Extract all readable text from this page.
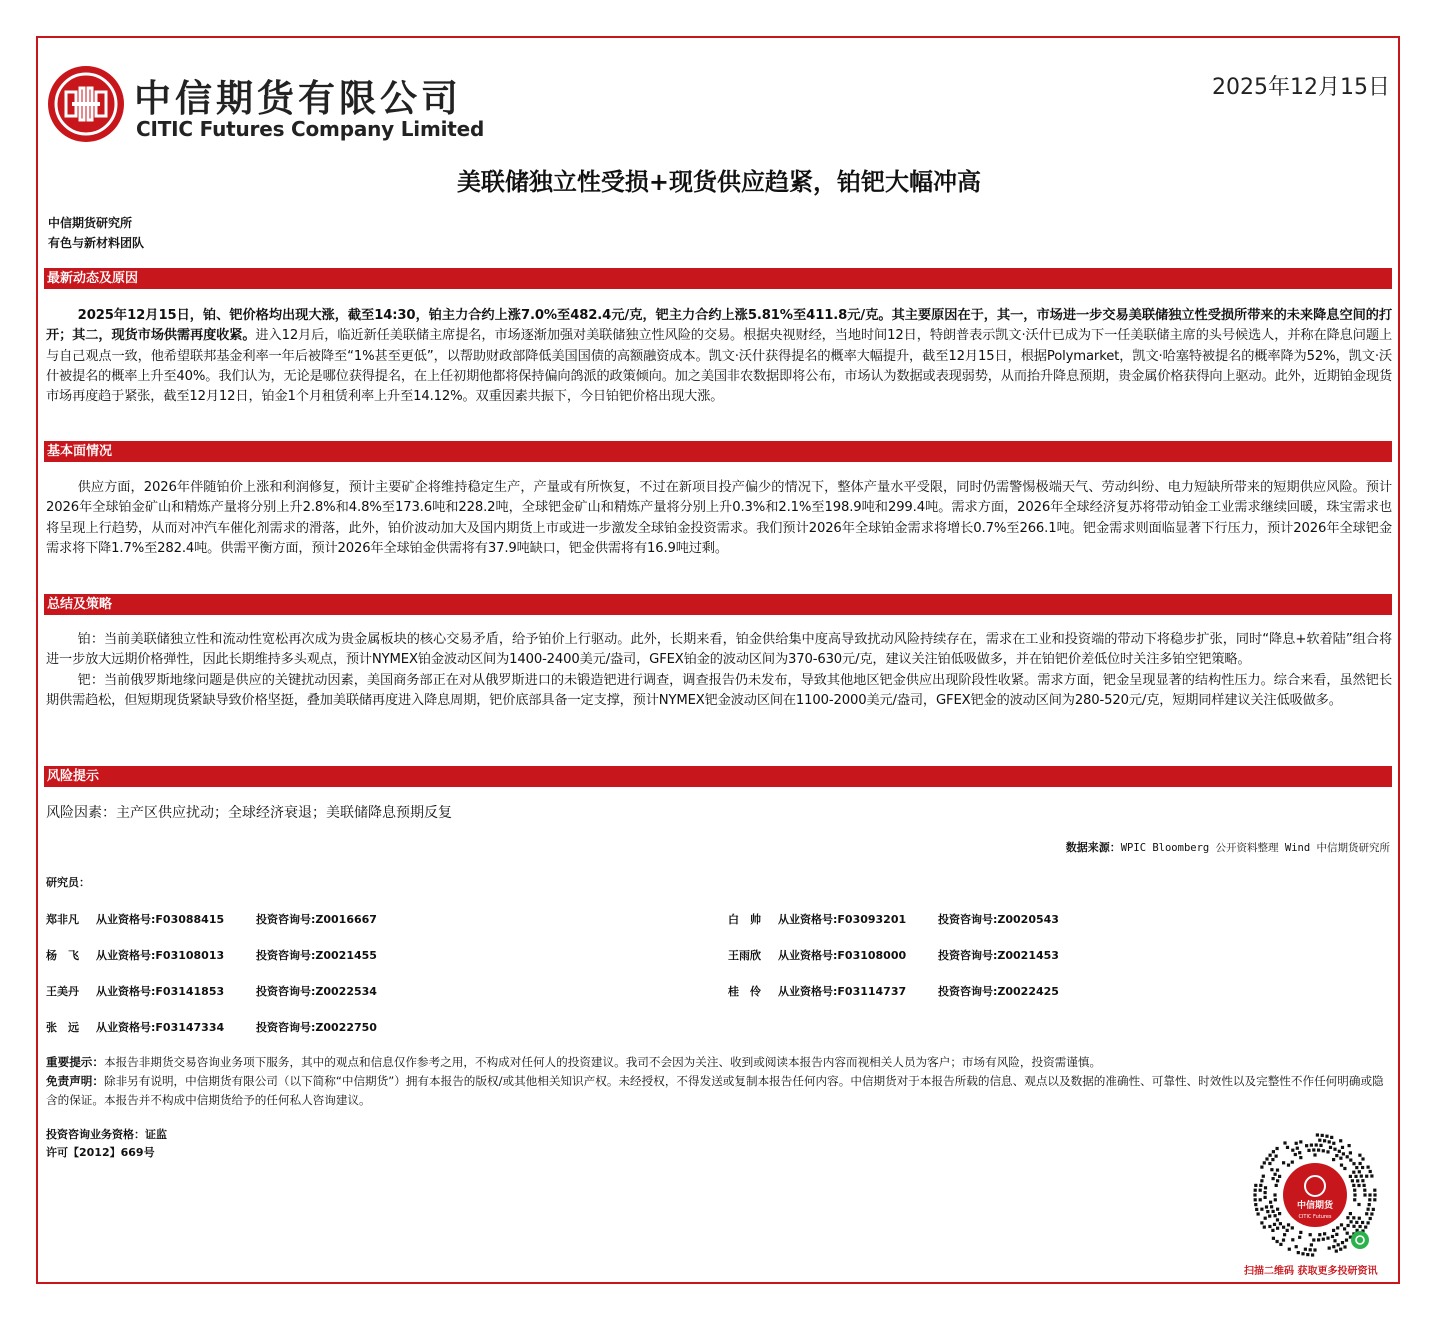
中信期货有限公司
CITIC Futures Company Limited
2025年12月15日
美联储独立性受损+现货供应趋紧，铂钯大幅冲高
中信期货研究所
有色与新材料团队
最新动态及原因

2025年12月15日，铂、钯价格均出现大涨，截至14:30，铂主力合约上涨7.0%至482.4元/克，钯主力合约上涨5.81%至411.8元/克。其主要原因在于，其一，市场进一步交易美联储独立性受损所带来的未来降息空间的打开；其二，现货市场供需再度收紧。进入12月后，临近新任美联储主席提名，市场逐渐加强对美联储独立性风险的交易。根据央视财经，当地时间12日，特朗普表示凯文·沃什已成为下一任美联储主席的头号候选人，并称在降息问题上与自己观点一致，他希望联邦基金利率一年后被降至“1%甚至更低”，以帮助财政部降低美国国债的高额融资成本。凯文·沃什获得提名的概率大幅提升，截至12月15日，根据Polymarket，凯文·哈塞特被提名的概率降为52%，凯文·沃什被提名的概率上升至40%。我们认为，无论是哪位获得提名，在上任初期他都将保持偏向鸽派的政策倾向。加之美国非农数据即将公布，市场认为数据或表现弱势，从而抬升降息预期，贵金属价格获得向上驱动。此外，近期铂金现货市场再度趋于紧张，截至12月12日，铂金1个月租赁利率上升至14.12%。双重因素共振下，今日铂钯价格出现大涨。

基本面情况

供应方面，2026年伴随铂价上涨和利润修复，预计主要矿企将维持稳定生产，产量或有所恢复，不过在新项目投产偏少的情况下，整体产量水平受限，同时仍需警惕极端天气、劳动纠纷、电力短缺所带来的短期供应风险。预计2026年全球铂金矿山和精炼产量将分别上升2.8%和4.8%至173.6吨和228.2吨，全球钯金矿山和精炼产量将分别上升0.3%和2.1%至198.9吨和299.4吨。需求方面，2026年全球经济复苏将带动铂金工业需求继续回暖，珠宝需求也将呈现上行趋势，从而对冲汽车催化剂需求的滑落，此外，铂价波动加大及国内期货上市或进一步激发全球铂金投资需求。我们预计2026年全球铂金需求将增长0.7%至266.1吨。钯金需求则面临显著下行压力，预计2026年全球钯金需求将下降1.7%至282.4吨。供需平衡方面，预计2026年全球铂金供需将有37.9吨缺口，钯金供需将有16.9吨过剩。

总结及策略

铂：当前美联储独立性和流动性宽松再次成为贵金属板块的核心交易矛盾，给予铂价上行驱动。此外，长期来看，铂金供给集中度高导致扰动风险持续存在，需求在工业和投资端的带动下将稳步扩张，同时“降息+软着陆”组合将进一步放大远期价格弹性，因此长期维持多头观点，预计NYMEX铂金波动区间为1400-2400美元/盎司，GFEX铂金的波动区间为370-630元/克，建议关注铂低吸做多，并在铂钯价差低位时关注多铂空钯策略。

钯：当前俄罗斯地缘问题是供应的关键扰动因素，美国商务部正在对从俄罗斯进口的未锻造钯进行调查，调查报告仍未发布，导致其他地区钯金供应出现阶段性收紧。需求方面，钯金呈现显著的结构性压力。综合来看，虽然钯长期供需趋松，但短期现货紧缺导致价格坚挺，叠加美联储再度进入降息周期，钯价底部具备一定支撑，预计NYMEX钯金波动区间在1100-2000美元/盎司，GFEX钯金的波动区间为280-520元/克，短期同样建议关注低吸做多。

风险提示
风险因素：主产区供应扰动；全球经济衰退；美联储降息预期反复
数据来源：WPIC Bloomberg 公开资料整理 Wind 中信期货研究所
研究员：
郑非凡 从业资格号:F03088415	投资咨询号:Z0016667
杨　飞 从业资格号:F03108013	投资咨询号:Z0021455
王美丹 从业资格号:F03141853	投资咨询号:Z0022534
张　远 从业资格号:F03147334	投资咨询号:Z0022750
白　帅 从业资格号:F03093201	投资咨询号:Z0020543
王雨欣 从业资格号:F03108000	投资咨询号:Z0021453
桂　伶 从业资格号:F03114737	投资咨询号:Z0022425
重要提示：本报告非期货交易咨询业务项下服务，其中的观点和信息仅作参考之用，不构成对任何人的投资建议。我司不会因为关注、收到或阅读本报告内容而视相关人员为客户；市场有风险，投资需谨慎。
免责声明：除非另有说明，中信期货有限公司（以下简称“中信期货”）拥有本报告的版权/或其他相关知识产权。未经授权，不得发送或复制本报告任何内容。中信期货对于本报告所载的信息、观点以及数据的准确性、可靠性、时效性以及完整性不作任何明确或隐含的保证。本报告并不构成中信期货给予的任何私人咨询建议。
投资咨询业务资格：证监
许可【2012】669号
中信期货
CITIC Futures
扫描二维码 获取更多投研资讯
